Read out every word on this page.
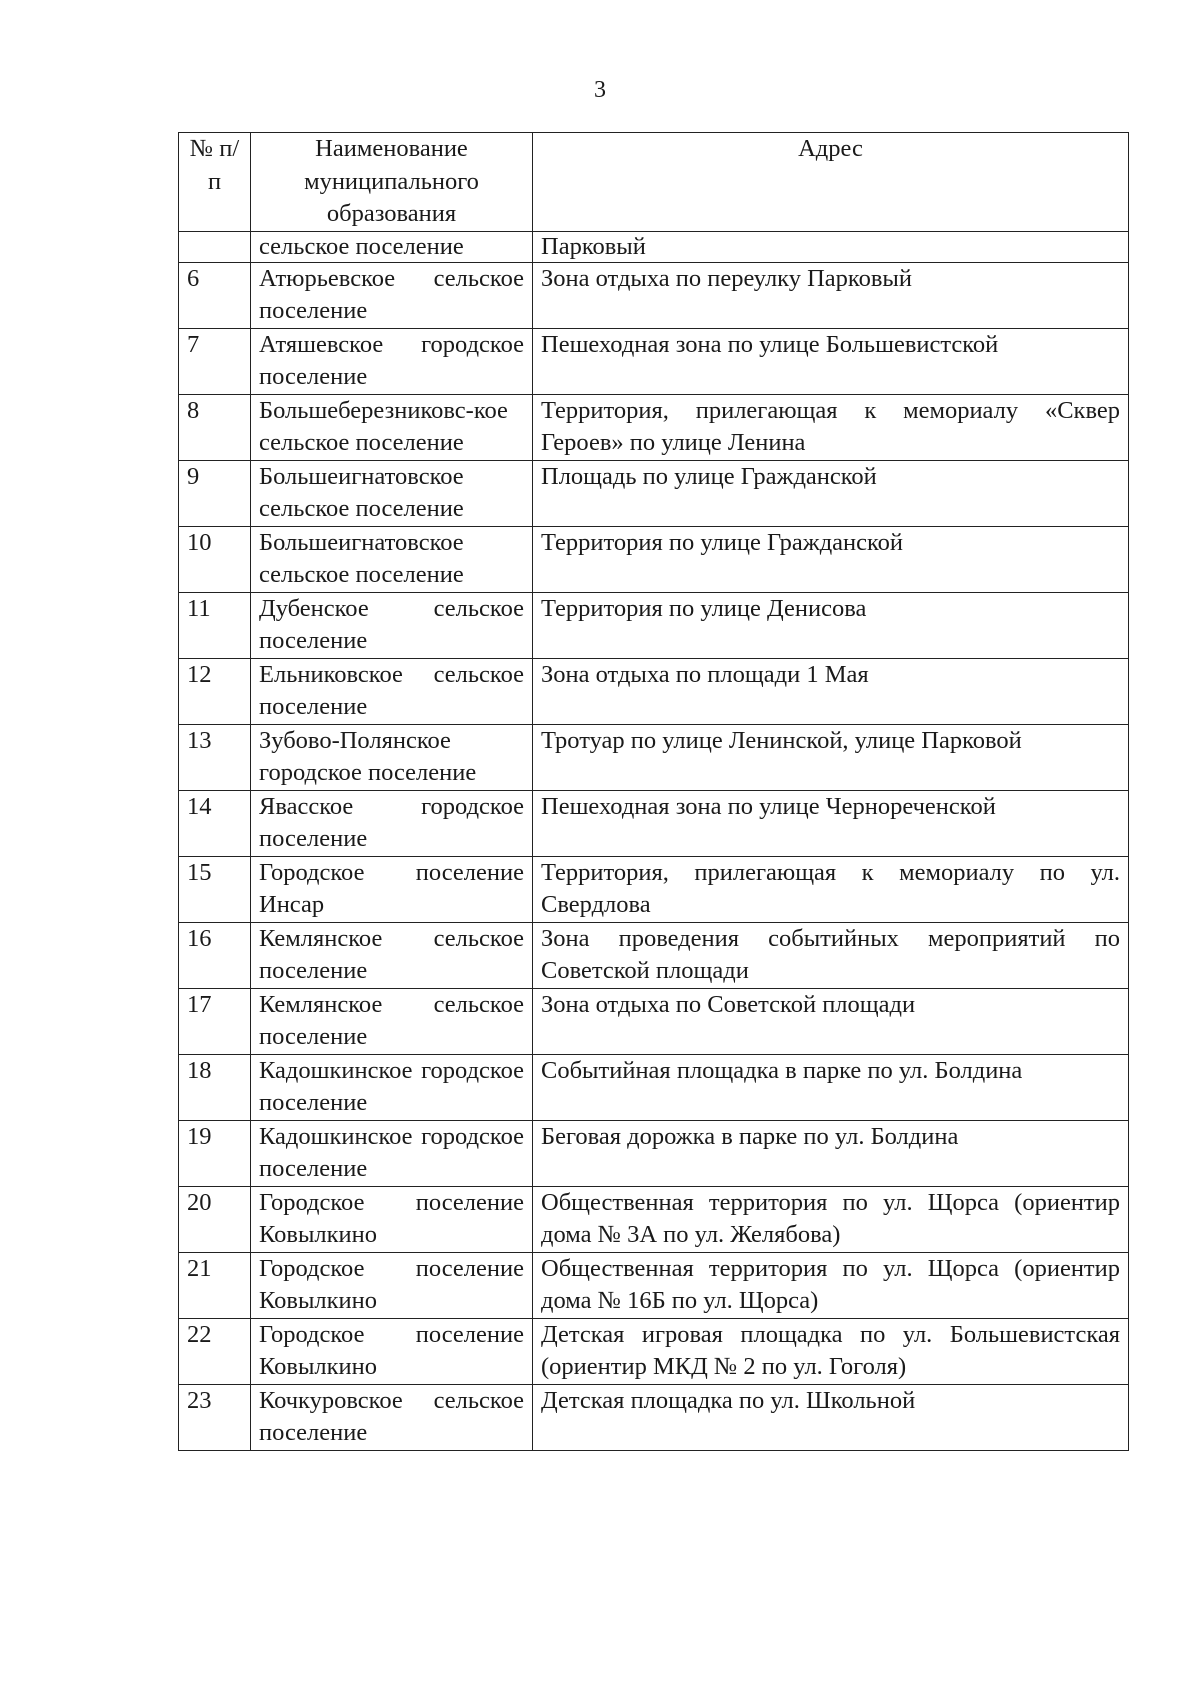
3
№ п/п	Наименование муниципального образования	Адрес
	сельское поселение	Парковый
6	Атюрьевское сельское поселение	Зона отдыха по переулку Парковый
7	Атяшевское городское поселение	Пешеходная зона по улице Большевистской
8	Большеберезниковс-кое сельское поселение	Территория, прилегающая к мемориалу «Сквер Героев» по улице Ленина
9	Большеигнатовское сельское поселение	Площадь по улице Гражданской
10	Большеигнатовское сельское поселение	Территория по улице Гражданской
11	Дубенское сельское поселение	Территория по улице Денисова
12	Ельниковское сельское поселение	Зона отдыха по площади 1 Мая
13	Зубово-Полянское городское поселение	Тротуар по улице Ленинской, улице Парковой
14	Явасское городское поселение	Пешеходная зона по улице Чернореченской
15	Городское поселение Инсар	Территория, прилегающая к мемориалу по ул. Свердлова
16	Кемлянское сельское поселение	Зона проведения событийных мероприятий по Советской площади
17	Кемлянское сельское поселение	Зона отдыха по Советской площади
18	Кадошкинское городское поселение	Событийная площадка в парке по ул. Болдина
19	Кадошкинское городское поселение	Беговая дорожка в парке по ул. Болдина
20	Городское поселение Ковылкино	Общественная территория по ул. Щорса (ориентир дома № 3А по ул. Желябова)
21	Городское поселение Ковылкино	Общественная территория по ул. Щорса (ориентир дома № 16Б по ул. Щорса)
22	Городское поселение Ковылкино	Детская игровая площадка по ул. Большевистская (ориентир МКД № 2 по ул. Гоголя)
23	Кочкуровское сельское поселение	Детская площадка по ул. Школьной
